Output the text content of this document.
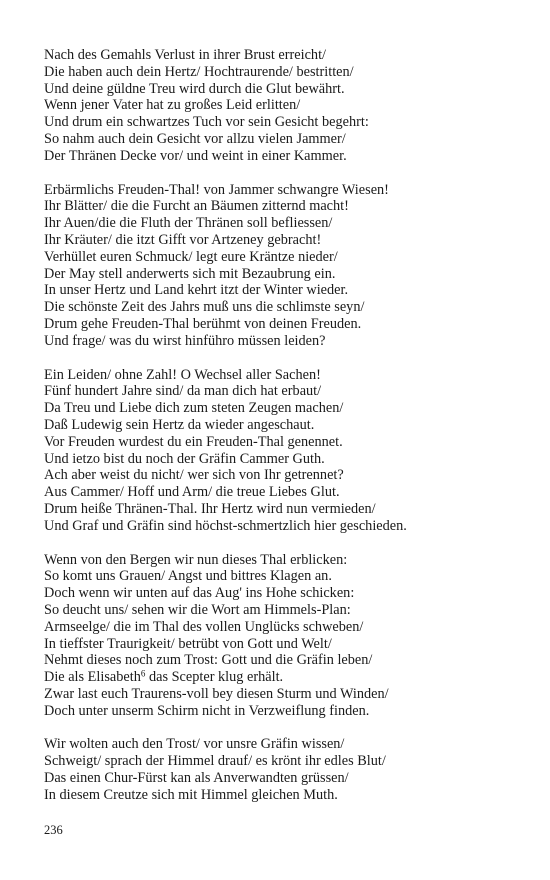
Nach des Gemahls Verlust in ihrer Brust erreicht/
Die haben auch dein Hertz/ Hochtraurende/ bestritten/
Und deine güldne Treu wird durch die Glut bewährt.
Wenn jener Vater hat zu großes Leid erlitten/
Und drum ein schwartzes Tuch vor sein Gesicht begehrt:
So nahm auch dein Gesicht vor allzu vielen Jammer/
Der Thränen Decke vor/ und weint in einer Kammer.
Erbärmlichs Freuden-Thal! von Jammer schwangre Wiesen!
Ihr Blätter/ die die Furcht an Bäumen zitternd macht!
Ihr Auen/die die Fluth der Thränen soll befliessen/
Ihr Kräuter/ die itzt Gifft vor Artzeney gebracht!
Verhüllet euren Schmuck/ legt eure Kräntze nieder/
Der May stell anderwerts sich mit Bezaubrung ein.
In unser Hertz und Land kehrt itzt der Winter wieder.
Die schönste Zeit des Jahrs muß uns die schlimste seyn/
Drum gehe Freuden-Thal berühmt von deinen Freuden.
Und frage/ was du wirst hinführo müssen leiden?
Ein Leiden/ ohne Zahl! O Wechsel aller Sachen!
Fünf hundert Jahre sind/ da man dich hat erbaut/
Da Treu und Liebe dich zum steten Zeugen machen/
Daß Ludewig sein Hertz da wieder angeschaut.
Vor Freuden wurdest du ein Freuden-Thal genennet.
Und ietzo bist du noch der Gräfin Cammer Guth.
Ach aber weist du nicht/ wer sich von Ihr getrennet?
Aus Cammer/ Hoff und Arm/ die treue Liebes Glut.
Drum heiße Thränen-Thal. Ihr Hertz wird nun vermieden/
Und Graf und Gräfin sind höchst-schmertzlich hier geschieden.
Wenn von den Bergen wir nun dieses Thal erblicken:
So komt uns Grauen/ Angst und bittres Klagen an.
Doch wenn wir unten auf das Aug' ins Hohe schicken:
So deucht uns/ sehen wir die Wort am Himmels-Plan:
Armseelge/ die im Thal des vollen Unglücks schweben/
In tieffster Traurigkeit/ betrübt von Gott und Welt/
Nehmt dieses noch zum Trost: Gott und die Gräfin leben/
Die als Elisabeth$^6$ das Scepter klug erhält.
Zwar last euch Traurens-voll bey diesen Sturm und Winden/
Doch unter unserm Schirm nicht in Verzweiflung finden.
Wir wolten auch den Trost/ vor unsre Gräfin wissen/
Schweigt/ sprach der Himmel drauf/ es krönt ihr edles Blut/
Das einen Chur-Fürst kan als Anverwandten grüssen/
In diesem Creutze sich mit Himmel gleichen Muth.
236
